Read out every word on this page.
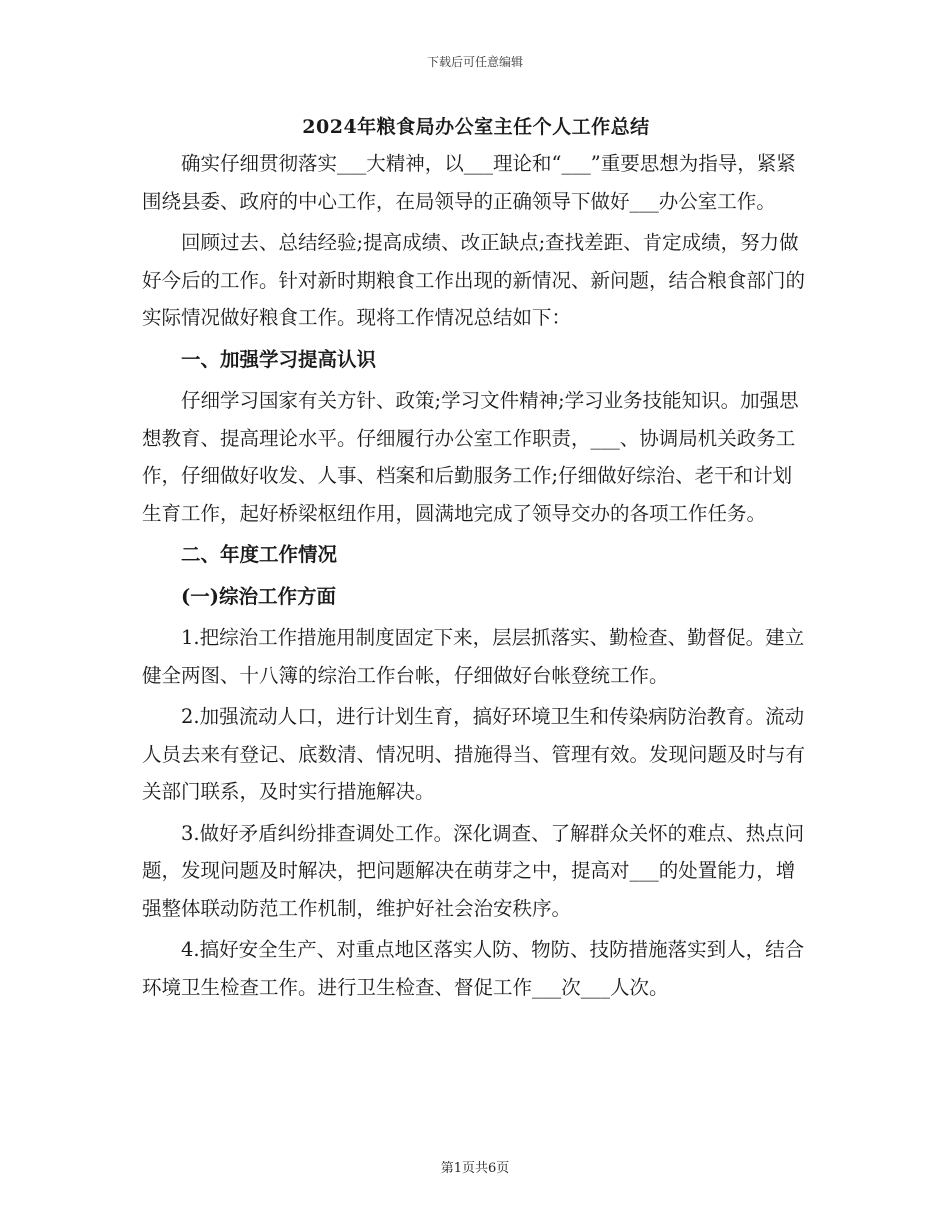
下载后可任意编辑
2024年粮食局办公室主任个人工作总结

确实仔细贯彻落实___大精神，以___理论和“___”重要思想为指导，紧紧围绕县委、政府的中心工作，在局领导的正确领导下做好___办公室工作。

回顾过去、总结经验;提高成绩、改正缺点;查找差距、肯定成绩，努力做好今后的工作。针对新时期粮食工作出现的新情况、新问题，结合粮食部门的实际情况做好粮食工作。现将工作情况总结如下：

一、加强学习提高认识

仔细学习国家有关方针、政策;学习文件精神;学习业务技能知识。加强思想教育、提高理论水平。仔细履行办公室工作职责，___、协调局机关政务工作，仔细做好收发、人事、档案和后勤服务工作;仔细做好综治、老干和计划生育工作，起好桥梁枢纽作用，圆满地完成了领导交办的各项工作任务。

二、年度工作情况
(一)综治工作方面

1.把综治工作措施用制度固定下来，层层抓落实、勤检查、勤督促。建立健全两图、十八簿的综治工作台帐，仔细做好台帐登统工作。

2.加强流动人口，进行计划生育，搞好环境卫生和传染病防治教育。流动人员去来有登记、底数清、情况明、措施得当、管理有效。发现问题及时与有关部门联系，及时实行措施解决。

3.做好矛盾纠纷排查调处工作。深化调查、了解群众关怀的难点、热点问题，发现问题及时解决，把问题解决在萌芽之中，提高对___的处置能力，增强整体联动防范工作机制，维护好社会治安秩序。

4.搞好安全生产、对重点地区落实人防、物防、技防措施落实到人，结合环境卫生检查工作。进行卫生检查、督促工作___次___人次。

第1页共6页
